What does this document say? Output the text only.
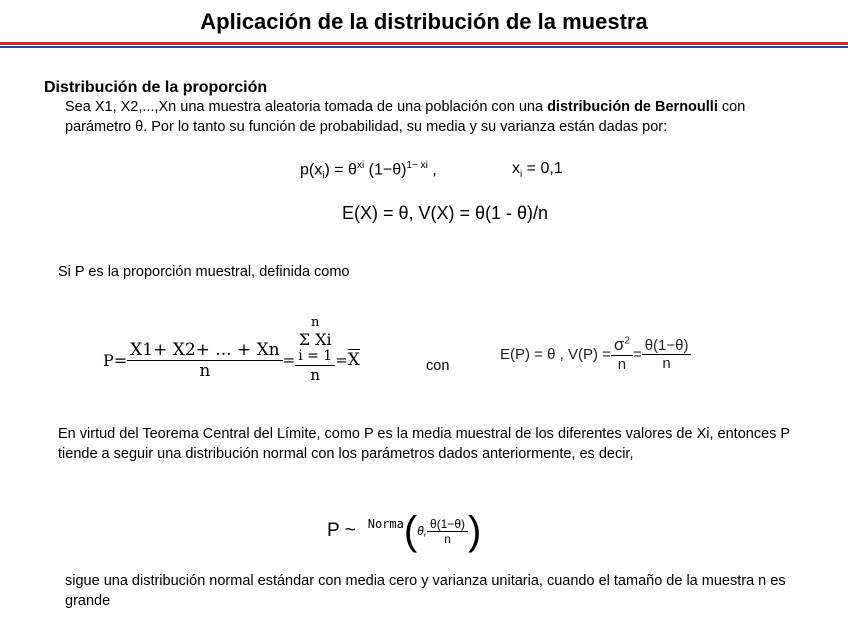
Aplicación de la distribución de la muestra
Distribución de la proporción
Sea X1, X2,...,Xn una muestra aleatoria tomada de una población con una distribución de Bernoulli con parámetro θ. Por lo tanto su función de probabilidad, su media y su varianza están dadas por:
$p(x_i) = \theta^{xi}$ $(1-\theta)^{1- xi}$ ,	$x_i = 0,1$
E(X) = θ, V(X) = θ(1 - θ)/n
Si P es la proporción muestral, definida como
$P= \frac{X1+ X2+ ... + Xn}{n} = n$
Σ Xi
i = 1
$n =\overline{X}$	con
E(P) = θ , $V(P) = \frac{\sigma^2}{n} = \frac{\theta(1-\theta)}{n}$
En virtud del Teorema Central del Límite, como P es la media muestral de los diferentes valores de Xi, entonces P tiende a seguir una distribución normal con los parámetros dados anteriormente, es decir,
P ~ Norma(θ, $\frac{\theta(1-\theta)}{n}$ )
sigue una distribución normal estándar con media cero y varianza unitaria, cuando el tamaño de la muestra n es grande
